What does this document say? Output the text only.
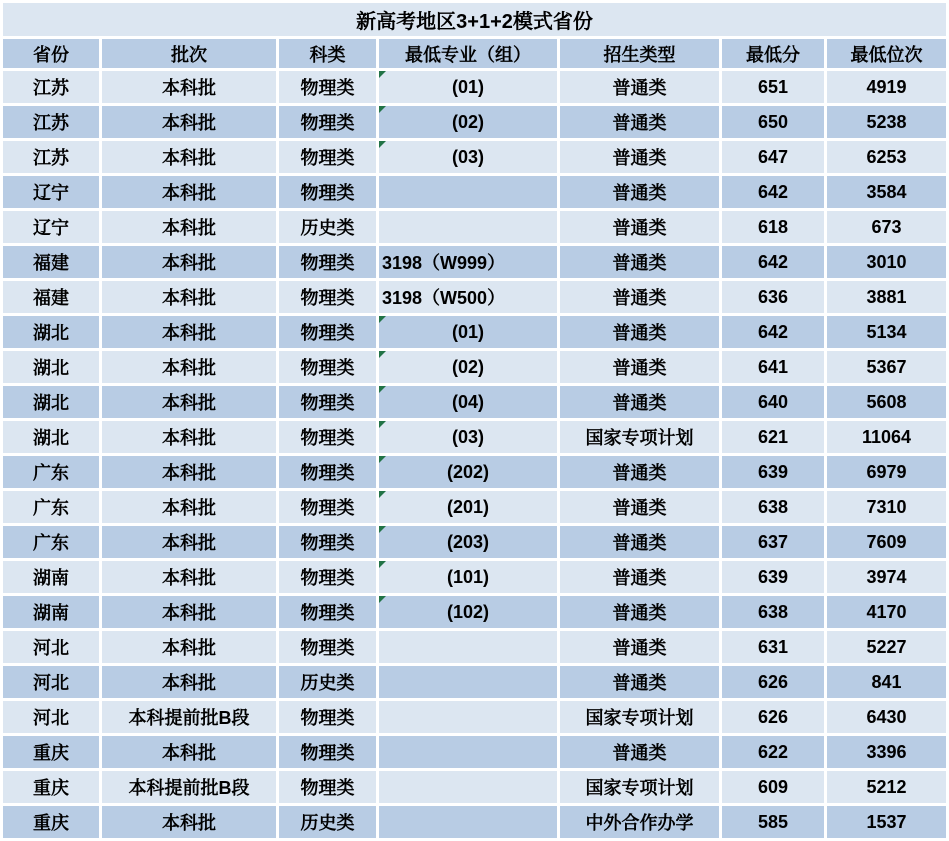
新高考地区3+1+2模式省份						
省份	批次	科类	最低专业（组）	招生类型	最低分	最低位次
江苏	本科批	物理类	(01)	普通类	651	4919
江苏	本科批	物理类	(02)	普通类	650	5238
江苏	本科批	物理类	(03)	普通类	647	6253
辽宁	本科批	物理类		普通类	642	3584
辽宁	本科批	历史类		普通类	618	673
福建	本科批	物理类	3198（W999）	普通类	642	3010
福建	本科批	物理类	3198（W500）	普通类	636	3881
湖北	本科批	物理类	(01)	普通类	642	5134
湖北	本科批	物理类	(02)	普通类	641	5367
湖北	本科批	物理类	(04)	普通类	640	5608
湖北	本科批	物理类	(03)	国家专项计划	621	11064
广东	本科批	物理类	(202)	普通类	639	6979
广东	本科批	物理类	(201)	普通类	638	7310
广东	本科批	物理类	(203)	普通类	637	7609
湖南	本科批	物理类	(101)	普通类	639	3974
湖南	本科批	物理类	(102)	普通类	638	4170
河北	本科批	物理类		普通类	631	5227
河北	本科批	历史类		普通类	626	841
河北	本科提前批B段	物理类		国家专项计划	626	6430
重庆	本科批	物理类		普通类	622	3396
重庆	本科提前批B段	物理类		国家专项计划	609	5212
重庆	本科批	历史类		中外合作办学	585	1537
